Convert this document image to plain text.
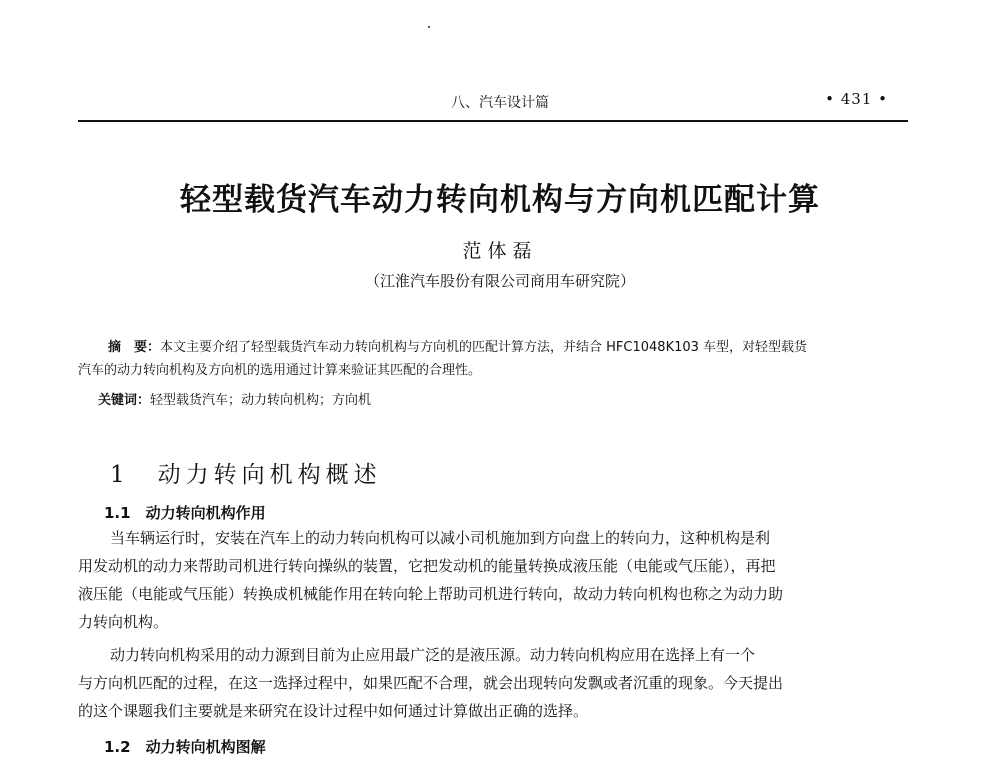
八、汽车设计篇	• 431 •
轻型载货汽车动力转向机构与方向机匹配计算
范体磊
（江淮汽车股份有限公司商用车研究院）
摘　要：本文主要介绍了轻型载货汽车动力转向机构与方向机的匹配计算方法，并结合 HFC1048K103 车型，对轻型载货
汽车的动力转向机构及方向机的选用通过计算来验证其匹配的合理性。
关键词：轻型载货汽车；动力转向机构；方向机
1　动力转向机构概述
1.1　动力转向机构作用
当车辆运行时，安装在汽车上的动力转向机构可以减小司机施加到方向盘上的转向力，这种机构是利
用发动机的动力来帮助司机进行转向操纵的装置，它把发动机的能量转换成液压能（电能或气压能），再把
液压能（电能或气压能）转换成机械能作用在转向轮上帮助司机进行转向，故动力转向机构也称之为动力助
力转向机构。
动力转向机构采用的动力源到目前为止应用最广泛的是液压源。动力转向机构应用在选择上有一个
与方向机匹配的过程，在这一选择过程中，如果匹配不合理，就会出现转向发飘或者沉重的现象。今天提出
的这个课题我们主要就是来研究在设计过程中如何通过计算做出正确的选择。
1.2　动力转向机构图解
